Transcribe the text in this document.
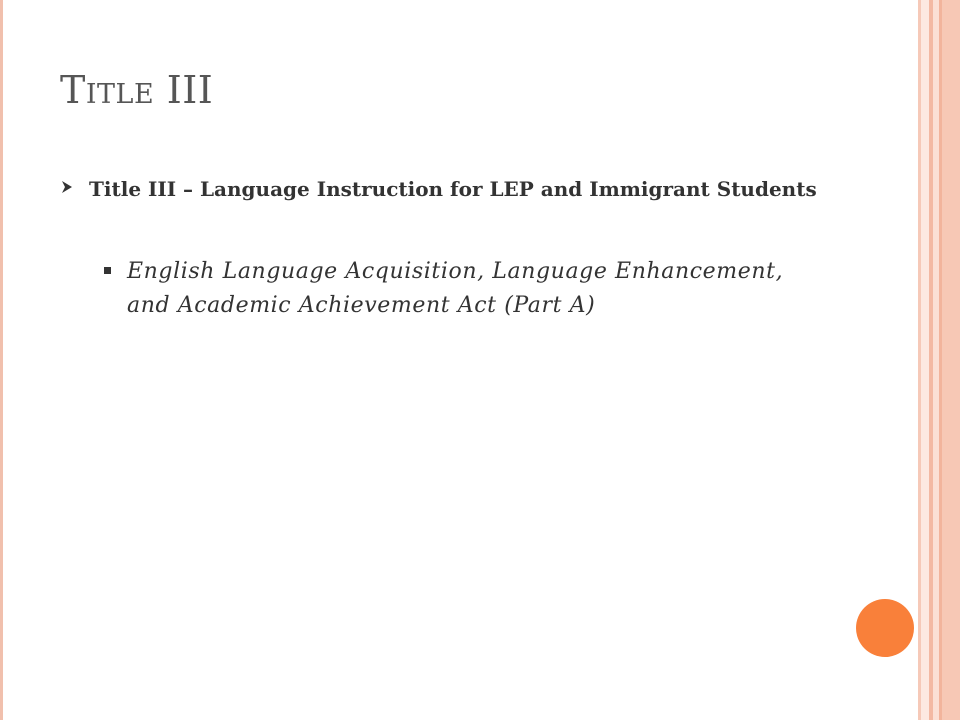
Title III
Title III – Language Instruction for LEP and Immigrant Students
English Language Acquisition, Language Enhancement, and Academic Achievement Act (Part A)
